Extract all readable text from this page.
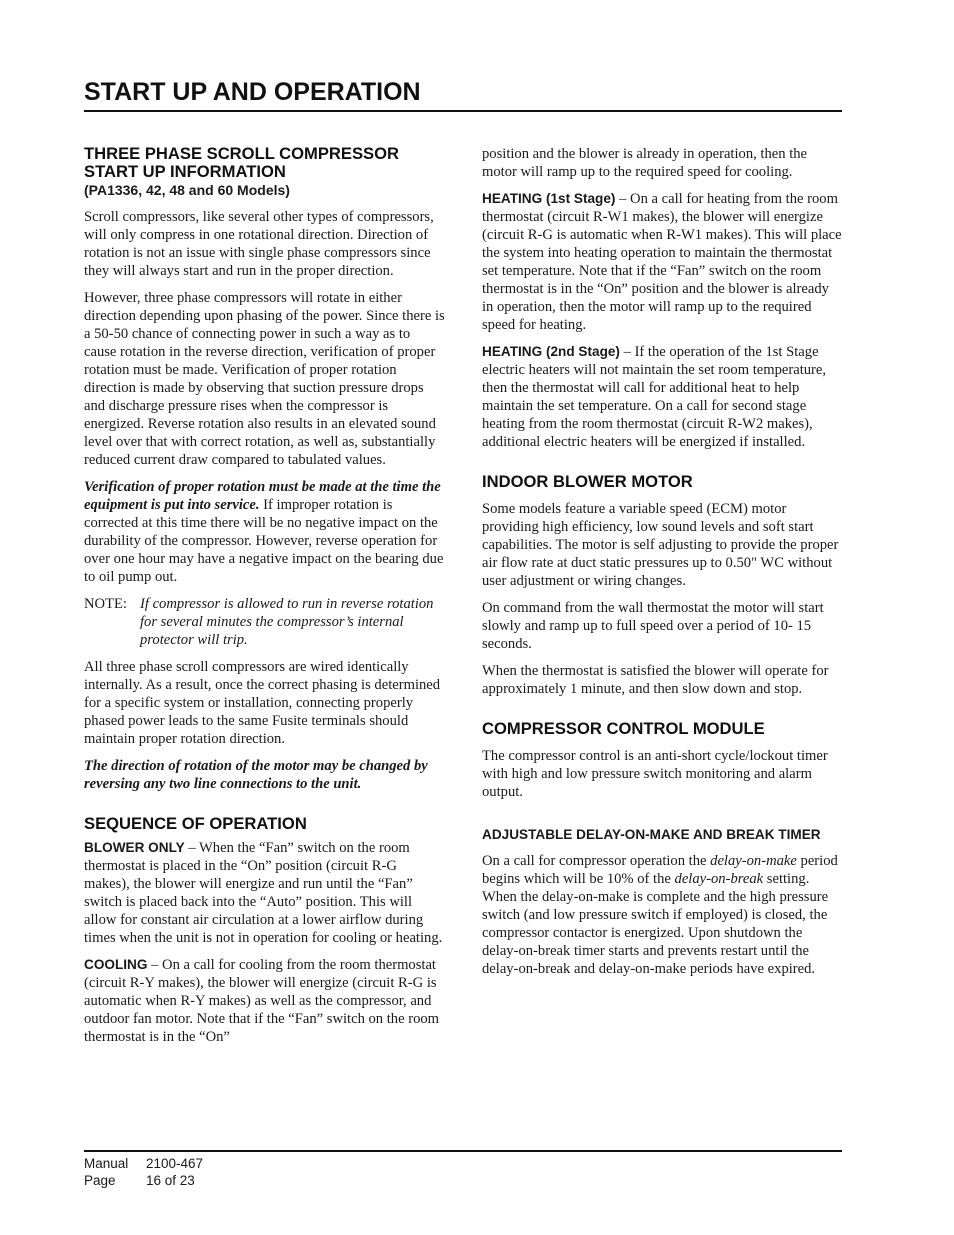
START UP AND OPERATION
THREE PHASE SCROLL COMPRESSOR START UP INFORMATION
(PA1336, 42, 48 and 60 Models)

Scroll compressors, like several other types of compressors, will only compress in one rotational direction. Direction of rotation is not an issue with single phase compressors since they will always start and run in the proper direction.

However, three phase compressors will rotate in either direction depending upon phasing of the power. Since there is a 50-50 chance of connecting power in such a way as to cause rotation in the reverse direction, verification of proper rotation must be made. Verification of proper rotation direction is made by observing that suction pressure drops and discharge pressure rises when the compressor is energized. Reverse rotation also results in an elevated sound level over that with correct rotation, as well as, substantially reduced current draw compared to tabulated values.

Verification of proper rotation must be made at the time the equipment is put into service. If improper rotation is corrected at this time there will be no negative impact on the durability of the compressor. However, reverse operation for over one hour may have a negative impact on the bearing due to oil pump out.

NOTE: If compressor is allowed to run in reverse rotation for several minutes the compressor’s internal protector will trip.

All three phase scroll compressors are wired identically internally. As a result, once the correct phasing is determined for a specific system or installation, connecting properly phased power leads to the same Fusite terminals should maintain proper rotation direction.

The direction of rotation of the motor may be changed by reversing any two line connections to the unit.

SEQUENCE OF OPERATION

BLOWER ONLY – When the “Fan” switch on the room thermostat is placed in the “On” position (circuit R-G makes), the blower will energize and run until the “Fan” switch is placed back into the “Auto” position. This will allow for constant air circulation at a lower airflow during times when the unit is not in operation for cooling or heating.

COOLING – On a call for cooling from the room thermostat (circuit R-Y makes), the blower will energize (circuit R-G is automatic when R-Y makes) as well as the compressor, and outdoor fan motor. Note that if the “Fan” switch on the room thermostat is in the “On”

position and the blower is already in operation, then the motor will ramp up to the required speed for cooling.

HEATING (1st Stage) – On a call for heating from the room thermostat (circuit R-W1 makes), the blower will energize (circuit R-G is automatic when R-W1 makes). This will place the system into heating operation to maintain the thermostat set temperature. Note that if the “Fan” switch on the room thermostat is in the “On” position and the blower is already in operation, then the motor will ramp up to the required speed for heating.

HEATING (2nd Stage) – If the operation of the 1st Stage electric heaters will not maintain the set room temperature, then the thermostat will call for additional heat to help maintain the set temperature. On a call for second stage heating from the room thermostat (circuit R-W2 makes), additional electric heaters will be energized if installed.

INDOOR BLOWER MOTOR

Some models feature a variable speed (ECM) motor providing high efficiency, low sound levels and soft start capabilities. The motor is self adjusting to provide the proper air flow rate at duct static pressures up to 0.50" WC without user adjustment or wiring changes.

On command from the wall thermostat the motor will start slowly and ramp up to full speed over a period of 10- 15 seconds.

When the thermostat is satisfied the blower will operate for approximately 1 minute, and then slow down and stop.

COMPRESSOR CONTROL MODULE

The compressor control is an anti-short cycle/lockout timer with high and low pressure switch monitoring and alarm output.

ADJUSTABLE DELAY-ON-MAKE AND BREAK TIMER

On a call for compressor operation the delay-on-make period begins which will be 10% of the delay-on-break setting. When the delay-on-make is complete and the high pressure switch (and low pressure switch if employed) is closed, the compressor contactor is energized. Upon shutdown the delay-on-break timer starts and prevents restart until the delay-on-break and delay-on-make periods have expired.

Manual	2100-467
Page	16 of 23
